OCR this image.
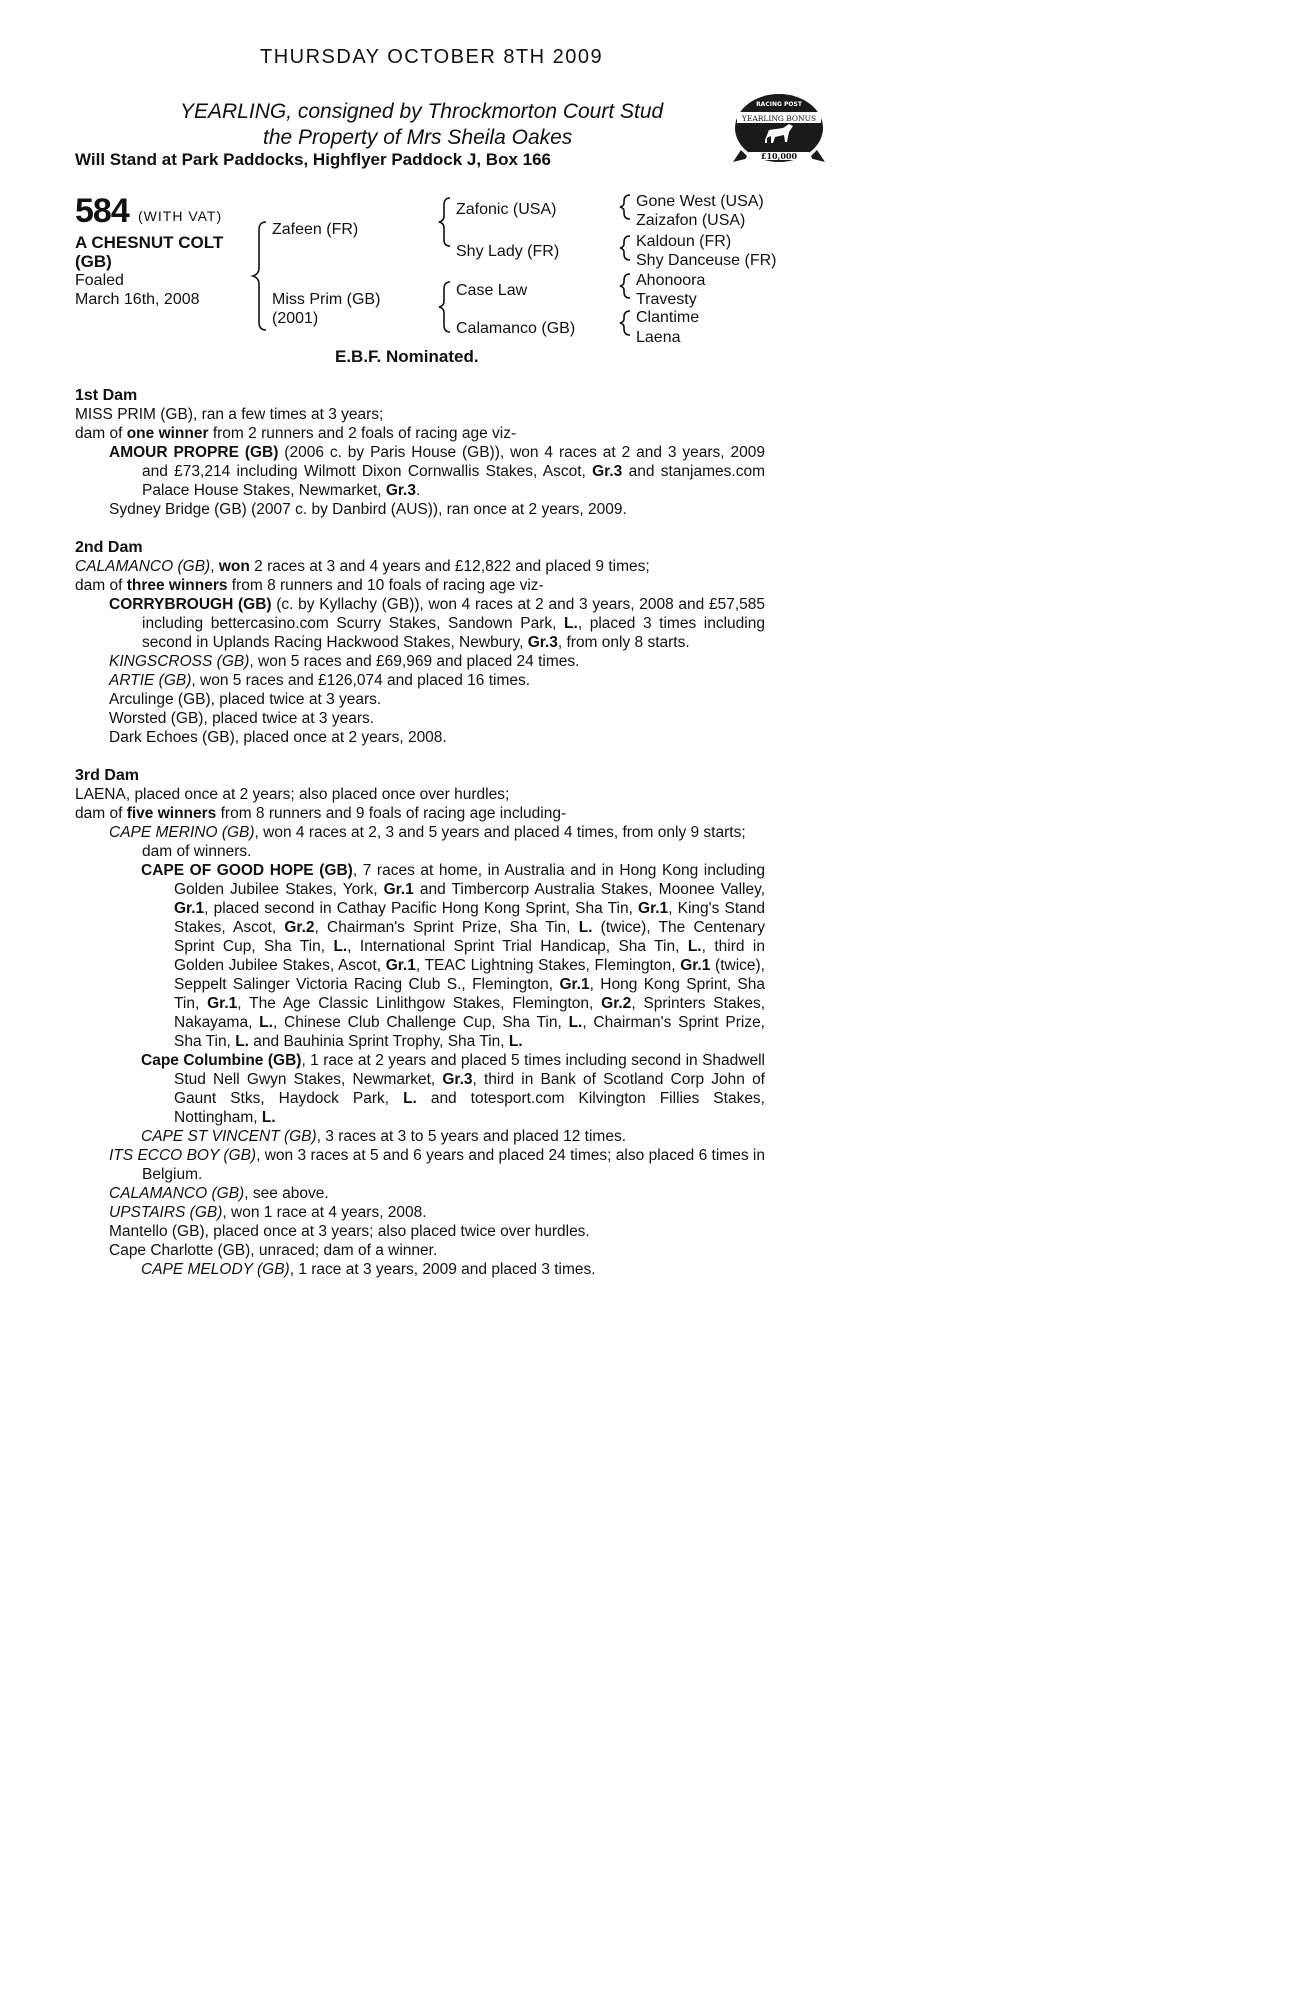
THURSDAY OCTOBER 8TH 2009
YEARLING, consigned by Throckmorton Court Stud
the Property of Mrs Sheila Oakes
Will Stand at Park Paddocks, Highflyer Paddock J, Box 166
RACING POST
YEARLING BONUS
£10,000
584 (WITH VAT)
A CHESNUT COLT
(GB)
Foaled
March 16th, 2008
Zafeen (FR)
Miss Prim (GB)
(2001)
Zafonic (USA)
Shy Lady (FR)
Case Law
Calamanco (GB)
Gone West (USA)
Zaizafon (USA)
Kaldoun (FR)
Shy Danceuse (FR)
Ahonoora
Travesty
Clantime
Laena
E.B.F. Nominated.

1st Dam

MISS PRIM (GB), ran a few times at 3 years;

dam of one winner from 2 runners and 2 foals of racing age viz-

AMOUR PROPRE (GB) (2006 c. by Paris House (GB)), won 4 races at 2 and 3 years, 2009 and £73,214 including Wilmott Dixon Cornwallis Stakes, Ascot, Gr.3 and stanjames.com Palace House Stakes, Newmarket, Gr.3.

Sydney Bridge (GB) (2007 c. by Danbird (AUS)), ran once at 2 years, 2009.

2nd Dam

CALAMANCO (GB), won 2 races at 3 and 4 years and £12,822 and placed 9 times;

dam of three winners from 8 runners and 10 foals of racing age viz-

CORRYBROUGH (GB) (c. by Kyllachy (GB)), won 4 races at 2 and 3 years, 2008 and £57,585 including bettercasino.com Scurry Stakes, Sandown Park, L., placed 3 times including second in Uplands Racing Hackwood Stakes, Newbury, Gr.3, from only 8 starts.

KINGSCROSS (GB), won 5 races and £69,969 and placed 24 times.

ARTIE (GB), won 5 races and £126,074 and placed 16 times.

Arculinge (GB), placed twice at 3 years.

Worsted (GB), placed twice at 3 years.

Dark Echoes (GB), placed once at 2 years, 2008.

3rd Dam

LAENA, placed once at 2 years; also placed once over hurdles;

dam of five winners from 8 runners and 9 foals of racing age including-

CAPE MERINO (GB), won 4 races at 2, 3 and 5 years and placed 4 times, from only 9 starts; dam of winners.

CAPE OF GOOD HOPE (GB), 7 races at home, in Australia and in Hong Kong including Golden Jubilee Stakes, York, Gr.1 and Timbercorp Australia Stakes, Moonee Valley, Gr.1, placed second in Cathay Pacific Hong Kong Sprint, Sha Tin, Gr.1, King's Stand Stakes, Ascot, Gr.2, Chairman's Sprint Prize, Sha Tin, L. (twice), The Centenary Sprint Cup, Sha Tin, L., International Sprint Trial Handicap, Sha Tin, L., third in Golden Jubilee Stakes, Ascot, Gr.1, TEAC Lightning Stakes, Flemington, Gr.1 (twice), Seppelt Salinger Victoria Racing Club S., Flemington, Gr.1, Hong Kong Sprint, Sha Tin, Gr.1, The Age Classic Linlithgow Stakes, Flemington, Gr.2, Sprinters Stakes, Nakayama, L., Chinese Club Challenge Cup, Sha Tin, L., Chairman's Sprint Prize, Sha Tin, L. and Bauhinia Sprint Trophy, Sha Tin, L.

Cape Columbine (GB), 1 race at 2 years and placed 5 times including second in Shadwell Stud Nell Gwyn Stakes, Newmarket, Gr.3, third in Bank of Scotland Corp John of Gaunt Stks, Haydock Park, L. and totesport.com Kilvington Fillies Stakes, Nottingham, L.

CAPE ST VINCENT (GB), 3 races at 3 to 5 years and placed 12 times.

ITS ECCO BOY (GB), won 3 races at 5 and 6 years and placed 24 times; also placed 6 times in Belgium.

CALAMANCO (GB), see above.

UPSTAIRS (GB), won 1 race at 4 years, 2008.

Mantello (GB), placed once at 3 years; also placed twice over hurdles.

Cape Charlotte (GB), unraced; dam of a winner.

CAPE MELODY (GB), 1 race at 3 years, 2009 and placed 3 times.
